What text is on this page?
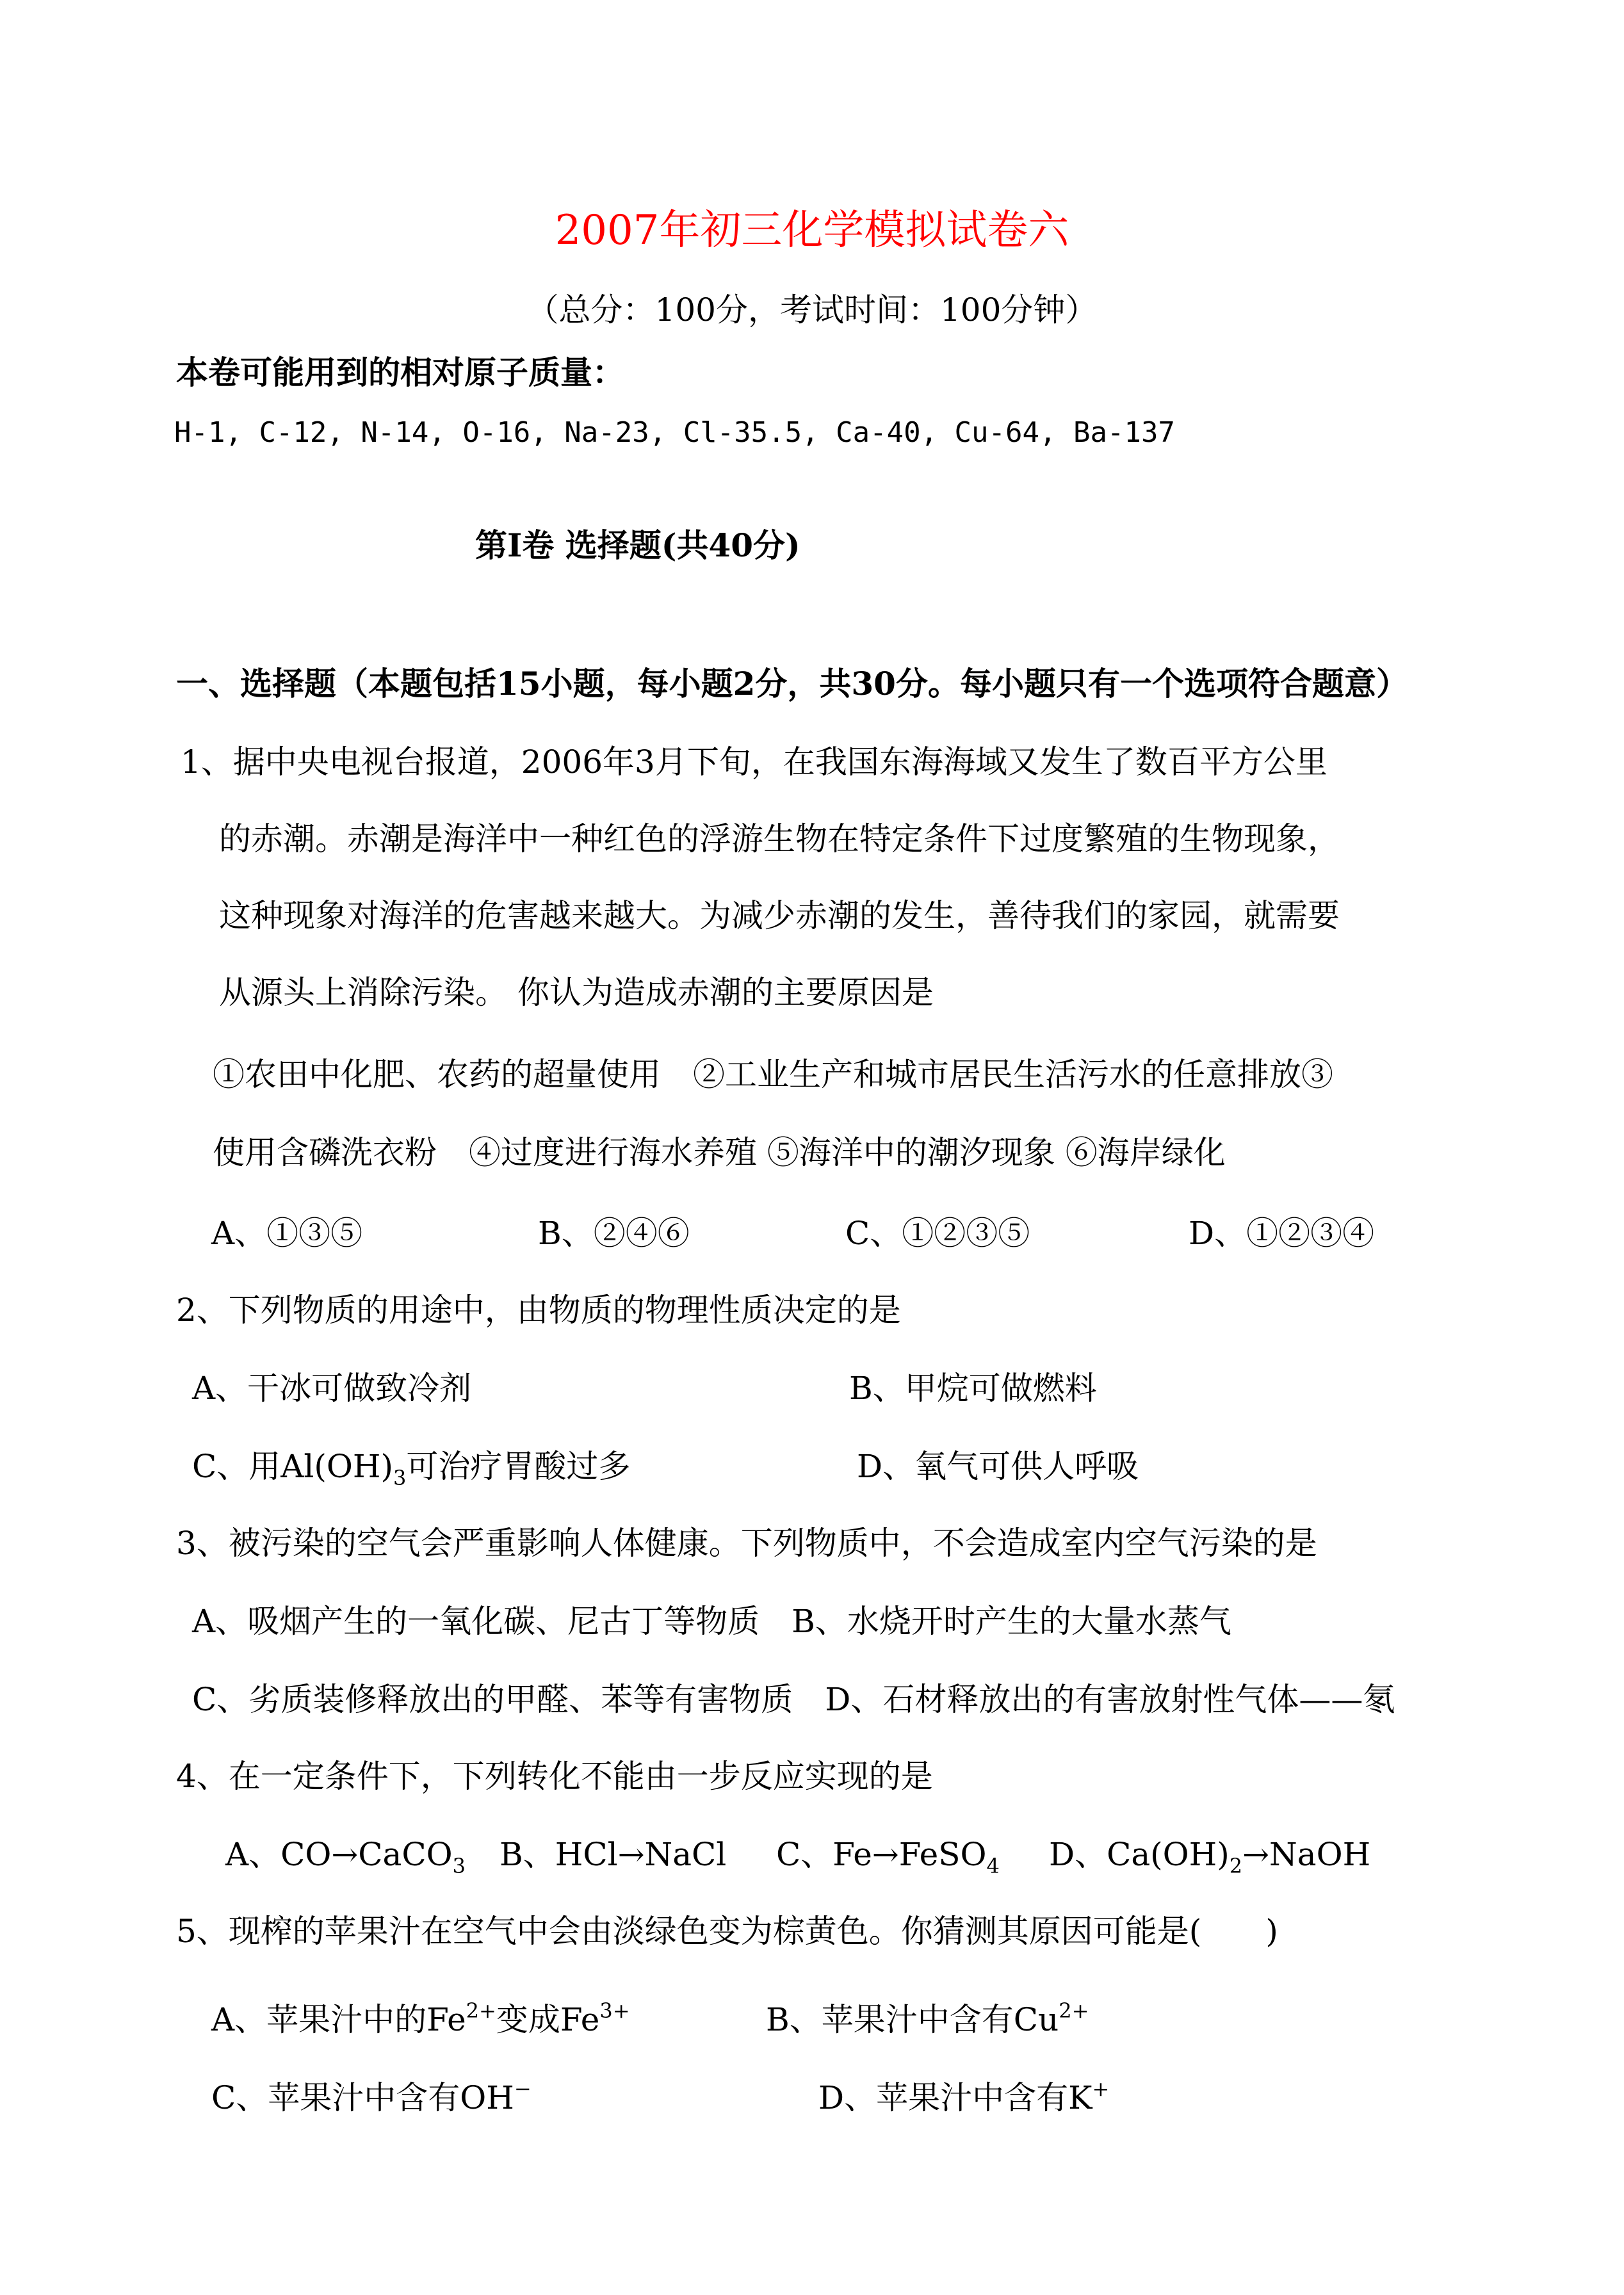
2007年初三化学模拟试卷六
（总分：100分，考试时间：100分钟）
本卷可能用到的相对原子质量：
H-1, C-12, N-14, O-16, Na-23, Cl-35.5, Ca-40, Cu-64, Ba-137
第Ⅰ卷 选择题(共40分)
一、选择题（本题包括15小题，每小题2分，共30分。每小题只有一个选项符合题意）
1、据中央电视台报道，2006年3月下旬，在我国东海海域又发生了数百平方公里
的赤潮。赤潮是海洋中一种红色的浮游生物在特定条件下过度繁殖的生物现象，
这种现象对海洋的危害越来越大。为减少赤潮的发生，善待我们的家园，就需要
从源头上消除污染。 你认为造成赤潮的主要原因是
①农田中化肥、农药的超量使用　②工业生产和城市居民生活污水的任意排放③
使用含磷洗衣粉　④过度进行海水养殖 ⑤海洋中的潮汐现象 ⑥海岸绿化
A、①③⑤	B、②④⑥	C、①②③⑤	D、①②③④
2、下列物质的用途中，由物质的物理性质决定的是
A、干冰可做致冷剂	B、甲烷可做燃料
C、用$Al(OH)_3$可治疗胃酸过多	D、氧气可供人呼吸
3、被污染的空气会严重影响人体健康。下列物质中，不会造成室内空气污染的是
A、吸烟产生的一氧化碳、尼古丁等物质　B、水烧开时产生的大量水蒸气
C、劣质装修释放出的甲醛、苯等有害物质　D、石材释放出的有害放射性气体——氡
4、在一定条件下，下列转化不能由一步反应实现的是
A、CO→CaCO$_3$ B、HCl→NaCl C、Fe→FeSO$_4$ D、$Ca(OH)_2\to NaOH$
5、现榨的苹果汁在空气中会由淡绿色变为棕黄色。你猜测其原因可能是(　　)
A、苹果汁中的$Fe^{2+}$变成$Fe^{3+}$	B、苹果汁中含有$Cu^{2+}$
C、苹果汁中含有OH−	D、苹果汁中含有K+
